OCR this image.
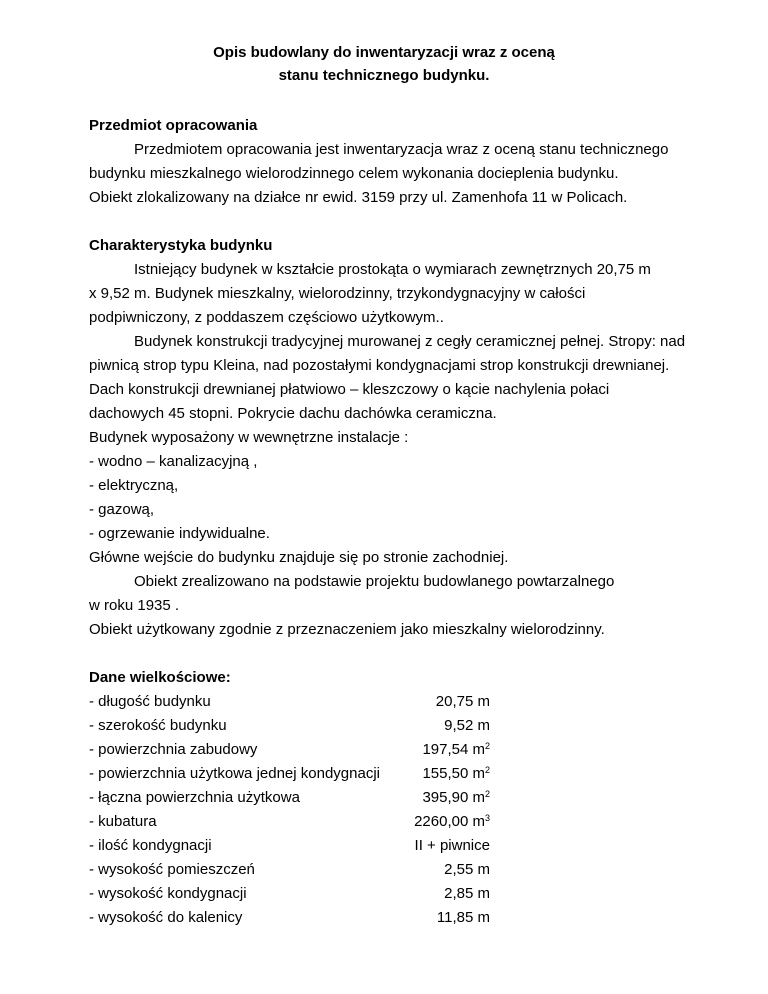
Opis budowlany do inwentaryzacji wraz z oceną
stanu technicznego budynku.
Przedmiot opracowania
Przedmiotem opracowania jest inwentaryzacja wraz z oceną stanu technicznego
budynku mieszkalnego wielorodzinnego celem wykonania docieplenia budynku.
Obiekt zlokalizowany na działce nr ewid. 3159 przy ul. Zamenhofa 11 w Policach.
Charakterystyka budynku
Istniejący budynek w kształcie prostokąta o wymiarach zewnętrznych 20,75 m
x 9,52 m. Budynek mieszkalny, wielorodzinny, trzykondygnacyjny w całości
podpiwniczony, z poddaszem częściowo użytkowym..
Budynek konstrukcji tradycyjnej murowanej z cegły ceramicznej pełnej. Stropy: nad
piwnicą strop typu Kleina, nad pozostałymi kondygnacjami strop konstrukcji drewnianej.
Dach konstrukcji drewnianej płatwiowo – kleszczowy o kącie nachylenia połaci
dachowych 45 stopni. Pokrycie dachu dachówka ceramiczna.
Budynek wyposażony w wewnętrzne instalacje :
- wodno – kanalizacyjną ,
- elektryczną,
- gazową,
- ogrzewanie indywidualne.
Główne wejście do budynku znajduje się po stronie zachodniej.
Obiekt zrealizowano na podstawie projektu budowlanego powtarzalnego
w roku 1935 .
Obiekt użytkowany zgodnie z przeznaczeniem jako mieszkalny wielorodzinny.
Dane wielkościowe:
- długość budynku	20,75 m
- szerokość budynku	9,52 m
- powierzchnia zabudowy	197,54 $m^2$
- powierzchnia użytkowa jednej kondygnacji	155,50 $m^2$
- łączna powierzchnia użytkowa	395,90 $m^2$
- kubatura	2260,00 $m^3$
- ilość kondygnacji	II + piwnice
- wysokość pomieszczeń	2,55 m
- wysokość kondygnacji	2,85 m
- wysokość do kalenicy	11,85 m
